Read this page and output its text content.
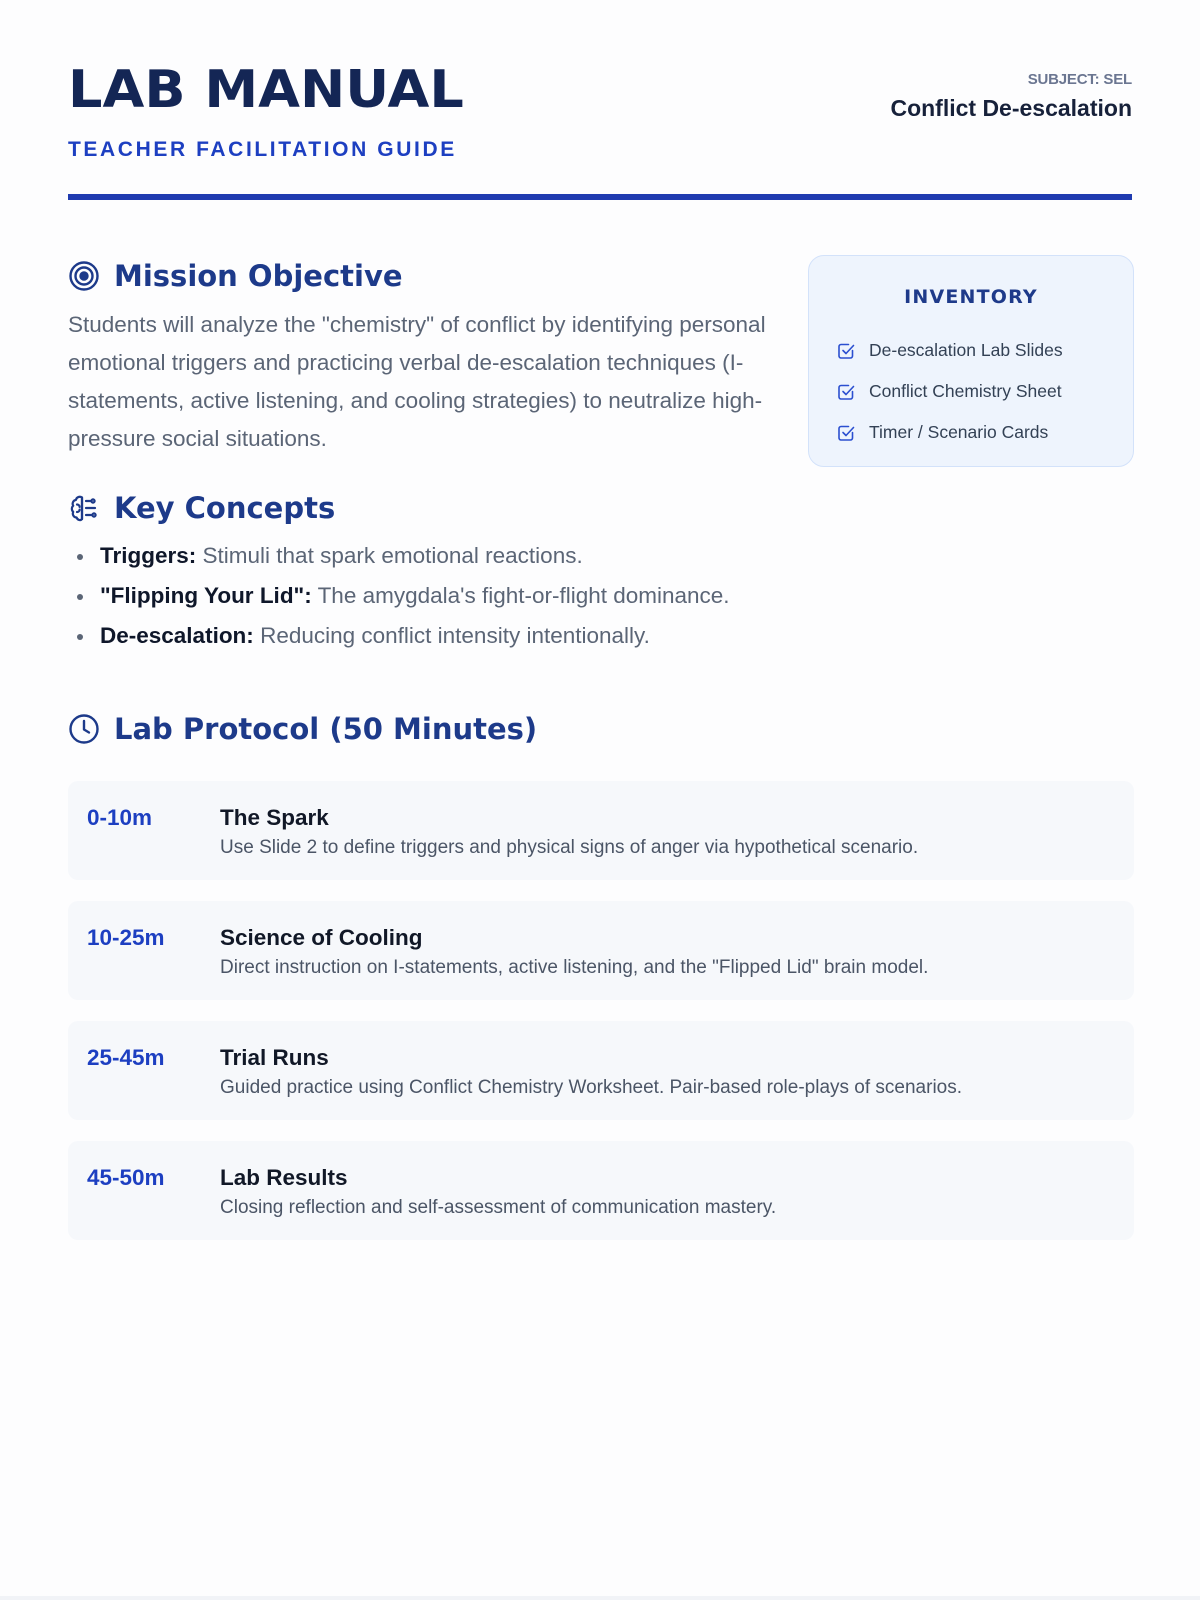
LAB MANUAL
TEACHER FACILITATION GUIDE
SUBJECT: SEL
Conflict De-escalation
Mission Objective

Students will analyze the "chemistry" of conflict by identifying personal emotional triggers and practicing verbal de-escalation techniques (I-statements, active listening, and cooling strategies) to neutralize high-pressure social situations.

INVENTORY
De-escalation Lab Slides
Conflict Chemistry Sheet
Timer / Scenario Cards
Key Concepts
Triggers: Stimuli that spark emotional reactions.
"Flipping Your Lid": The amygdala's fight-or-flight dominance.
De-escalation: Reducing conflict intensity intentionally.
Lab Protocol (50 Minutes)
0-10m	The Spark
Use Slide 2 to define triggers and physical signs of anger via hypothetical scenario.
10-25m Science of Cooling
Direct instruction on I-statements, active listening, and the "Flipped Lid" brain model.
25-45m Trial Runs
Guided practice using Conflict Chemistry Worksheet. Pair-based role-plays of scenarios.
45-50m Lab Results
Closing reflection and self-assessment of communication mastery.
